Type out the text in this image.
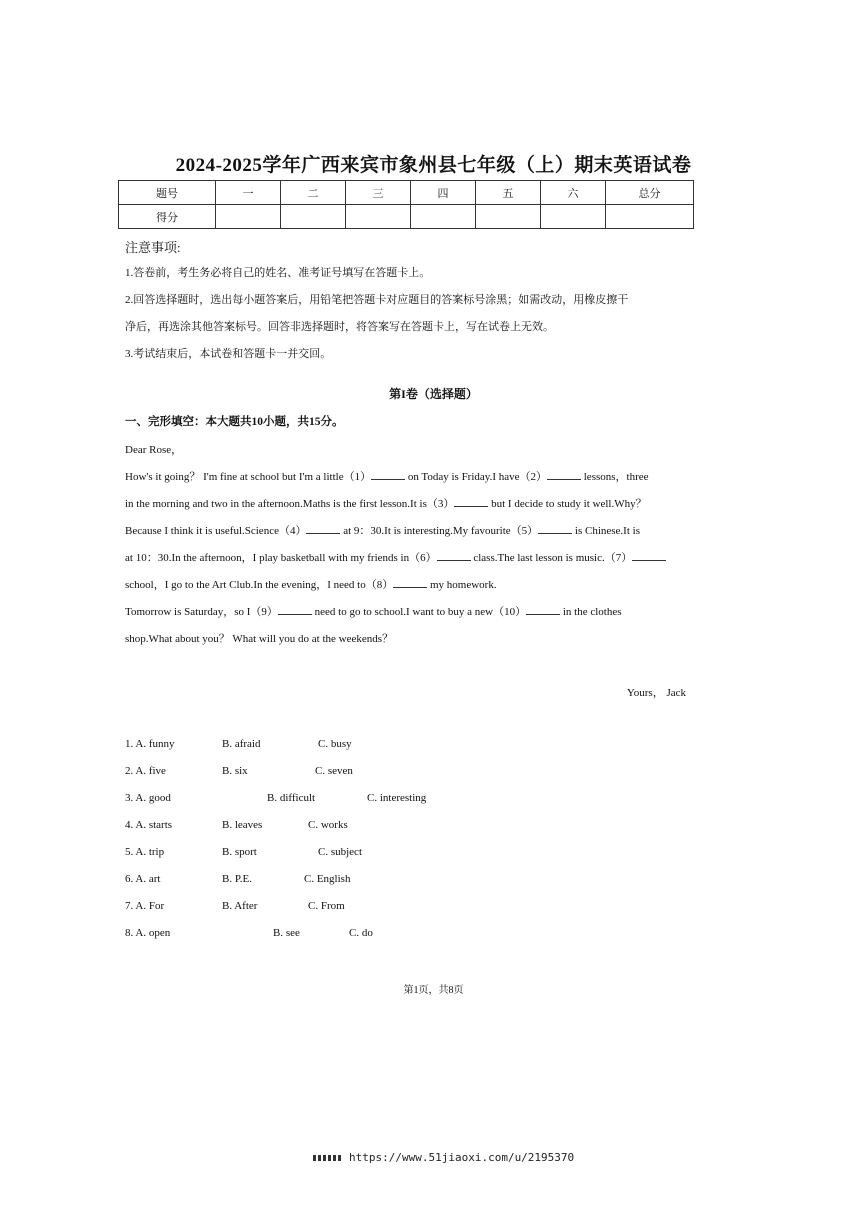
2024-2025学年广西来宾市象州县七年级（上）期末英语试卷
题号	一	二	三	四	五	六	总分
得分							
注意事项:
1.答卷前，考生务必将自己的姓名、准考证号填写在答题卡上。
2.回答选择题时，选出每小题答案后，用铅笔把答题卡对应题目的答案标号涂黑；如需改动，用橡皮擦干
净后，再选涂其他答案标号。回答非选择题时，将答案写在答题卡上，写在试卷上无效。
3.考试结束后，本试卷和答题卡一并交回。
第I卷（选择题）
一、完形填空：本大题共10小题，共15分。
Dear Rose，
How's it going？ I'm fine at school but I'm a little（1）	on Today is Friday.I have（2）	lessons，three
in the morning and two in the afternoon.Maths is the first lesson.It is（3）	but I decide to study it well.Why？
Because I think it is useful.Science（4）	at 9：30.It is interesting.My favourite（5）	is Chinese.It is
at 10：30.In the afternoon，I play basketball with my friends in（6）	class.The last lesson is music.（7）
school，I go to the Art Club.In the evening，I need to（8）	my homework.
Tomorrow is Saturday，so I（9）	need to go to school.I want to buy a new（10）	in the clothes
shop.What about you？ What will you do at the weekends？
Yours， Jack
1. A. funny	B. afraid	C. busy
2. A. five	B. six	C. seven
3. A. good	B. difficult	C. interesting
4. A. starts	B. leaves	C. works
5. A. trip	B. sport	C. subject
6. A. art	B. P.E.	C. English
7. A. For	B. After	C. From
8. A. open	B. see	C. do
第1页，共8页
https://www.51jiaoxi.com/u/2195370
